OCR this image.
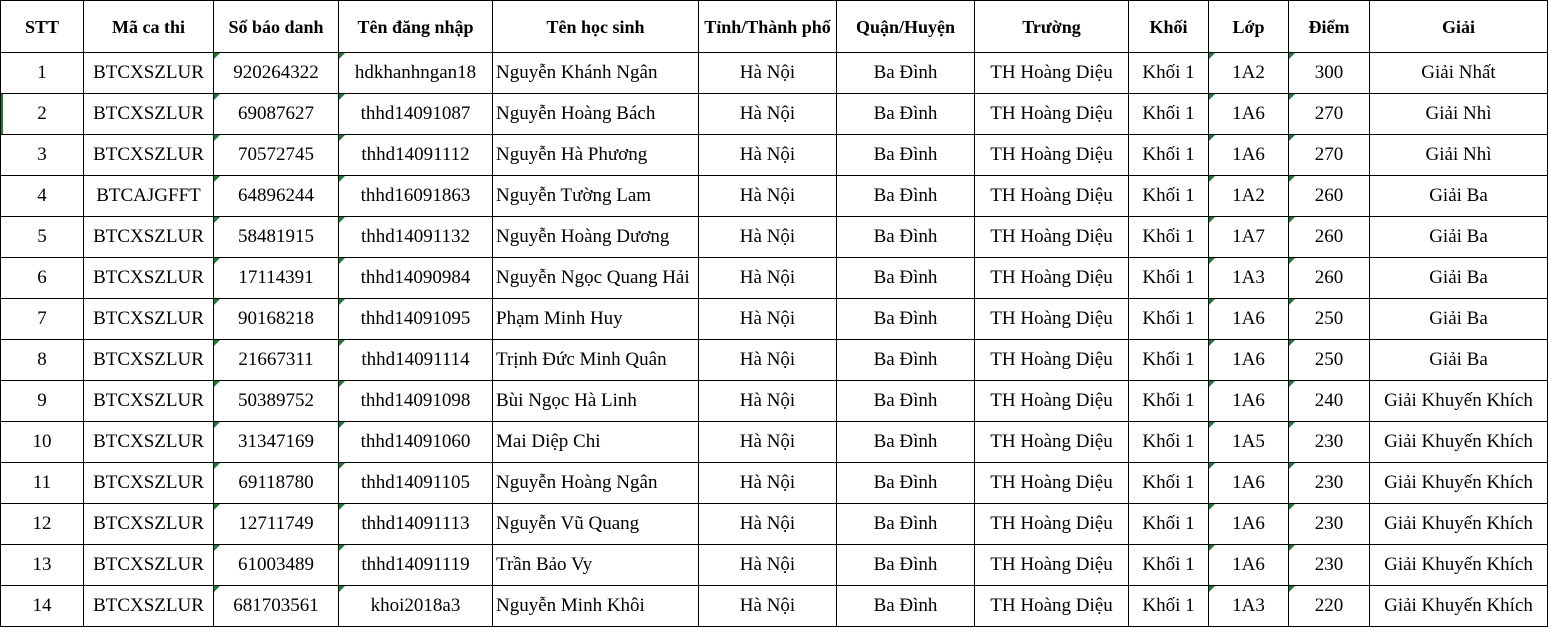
STT	Mã ca thi	Số báo danh	Tên đăng nhập	Tên học sinh	Tỉnh/Thành phố	Quận/Huyện	Trường	Khối	Lớp	Điểm	Giải
1	BTCXSZLUR	920264322	hdkhanhngan18	Nguyễn Khánh Ngân	Hà Nội	Ba Đình	TH Hoàng Diệu	Khối 1	1A2	300	Giải Nhất
2	BTCXSZLUR	69087627	thhd14091087	Nguyễn Hoàng Bách	Hà Nội	Ba Đình	TH Hoàng Diệu	Khối 1	1A6	270	Giải Nhì
3	BTCXSZLUR	70572745	thhd14091112	Nguyễn Hà Phương	Hà Nội	Ba Đình	TH Hoàng Diệu	Khối 1	1A6	270	Giải Nhì
4	BTCAJGFFT	64896244	thhd16091863	Nguyễn Tường Lam	Hà Nội	Ba Đình	TH Hoàng Diệu	Khối 1	1A2	260	Giải Ba
5	BTCXSZLUR	58481915	thhd14091132	Nguyễn Hoàng Dương	Hà Nội	Ba Đình	TH Hoàng Diệu	Khối 1	1A7	260	Giải Ba
6	BTCXSZLUR	17114391	thhd14090984	Nguyễn Ngọc Quang Hải	Hà Nội	Ba Đình	TH Hoàng Diệu	Khối 1	1A3	260	Giải Ba
7	BTCXSZLUR	90168218	thhd14091095	Phạm Minh Huy	Hà Nội	Ba Đình	TH Hoàng Diệu	Khối 1	1A6	250	Giải Ba
8	BTCXSZLUR	21667311	thhd14091114	Trịnh Đức Minh Quân	Hà Nội	Ba Đình	TH Hoàng Diệu	Khối 1	1A6	250	Giải Ba
9	BTCXSZLUR	50389752	thhd14091098	Bùi Ngọc Hà Linh	Hà Nội	Ba Đình	TH Hoàng Diệu	Khối 1	1A6	240	Giải Khuyến Khích
10	BTCXSZLUR	31347169	thhd14091060	Mai Diệp Chi	Hà Nội	Ba Đình	TH Hoàng Diệu	Khối 1	1A5	230	Giải Khuyến Khích
11	BTCXSZLUR	69118780	thhd14091105	Nguyễn Hoàng Ngân	Hà Nội	Ba Đình	TH Hoàng Diệu	Khối 1	1A6	230	Giải Khuyến Khích
12	BTCXSZLUR	12711749	thhd14091113	Nguyễn Vũ Quang	Hà Nội	Ba Đình	TH Hoàng Diệu	Khối 1	1A6	230	Giải Khuyến Khích
13	BTCXSZLUR	61003489	thhd14091119	Trần Bảo Vy	Hà Nội	Ba Đình	TH Hoàng Diệu	Khối 1	1A6	230	Giải Khuyến Khích
14	BTCXSZLUR	681703561	khoi2018a3	Nguyễn Minh Khôi	Hà Nội	Ba Đình	TH Hoàng Diệu	Khối 1	1A3	220	Giải Khuyến Khích
